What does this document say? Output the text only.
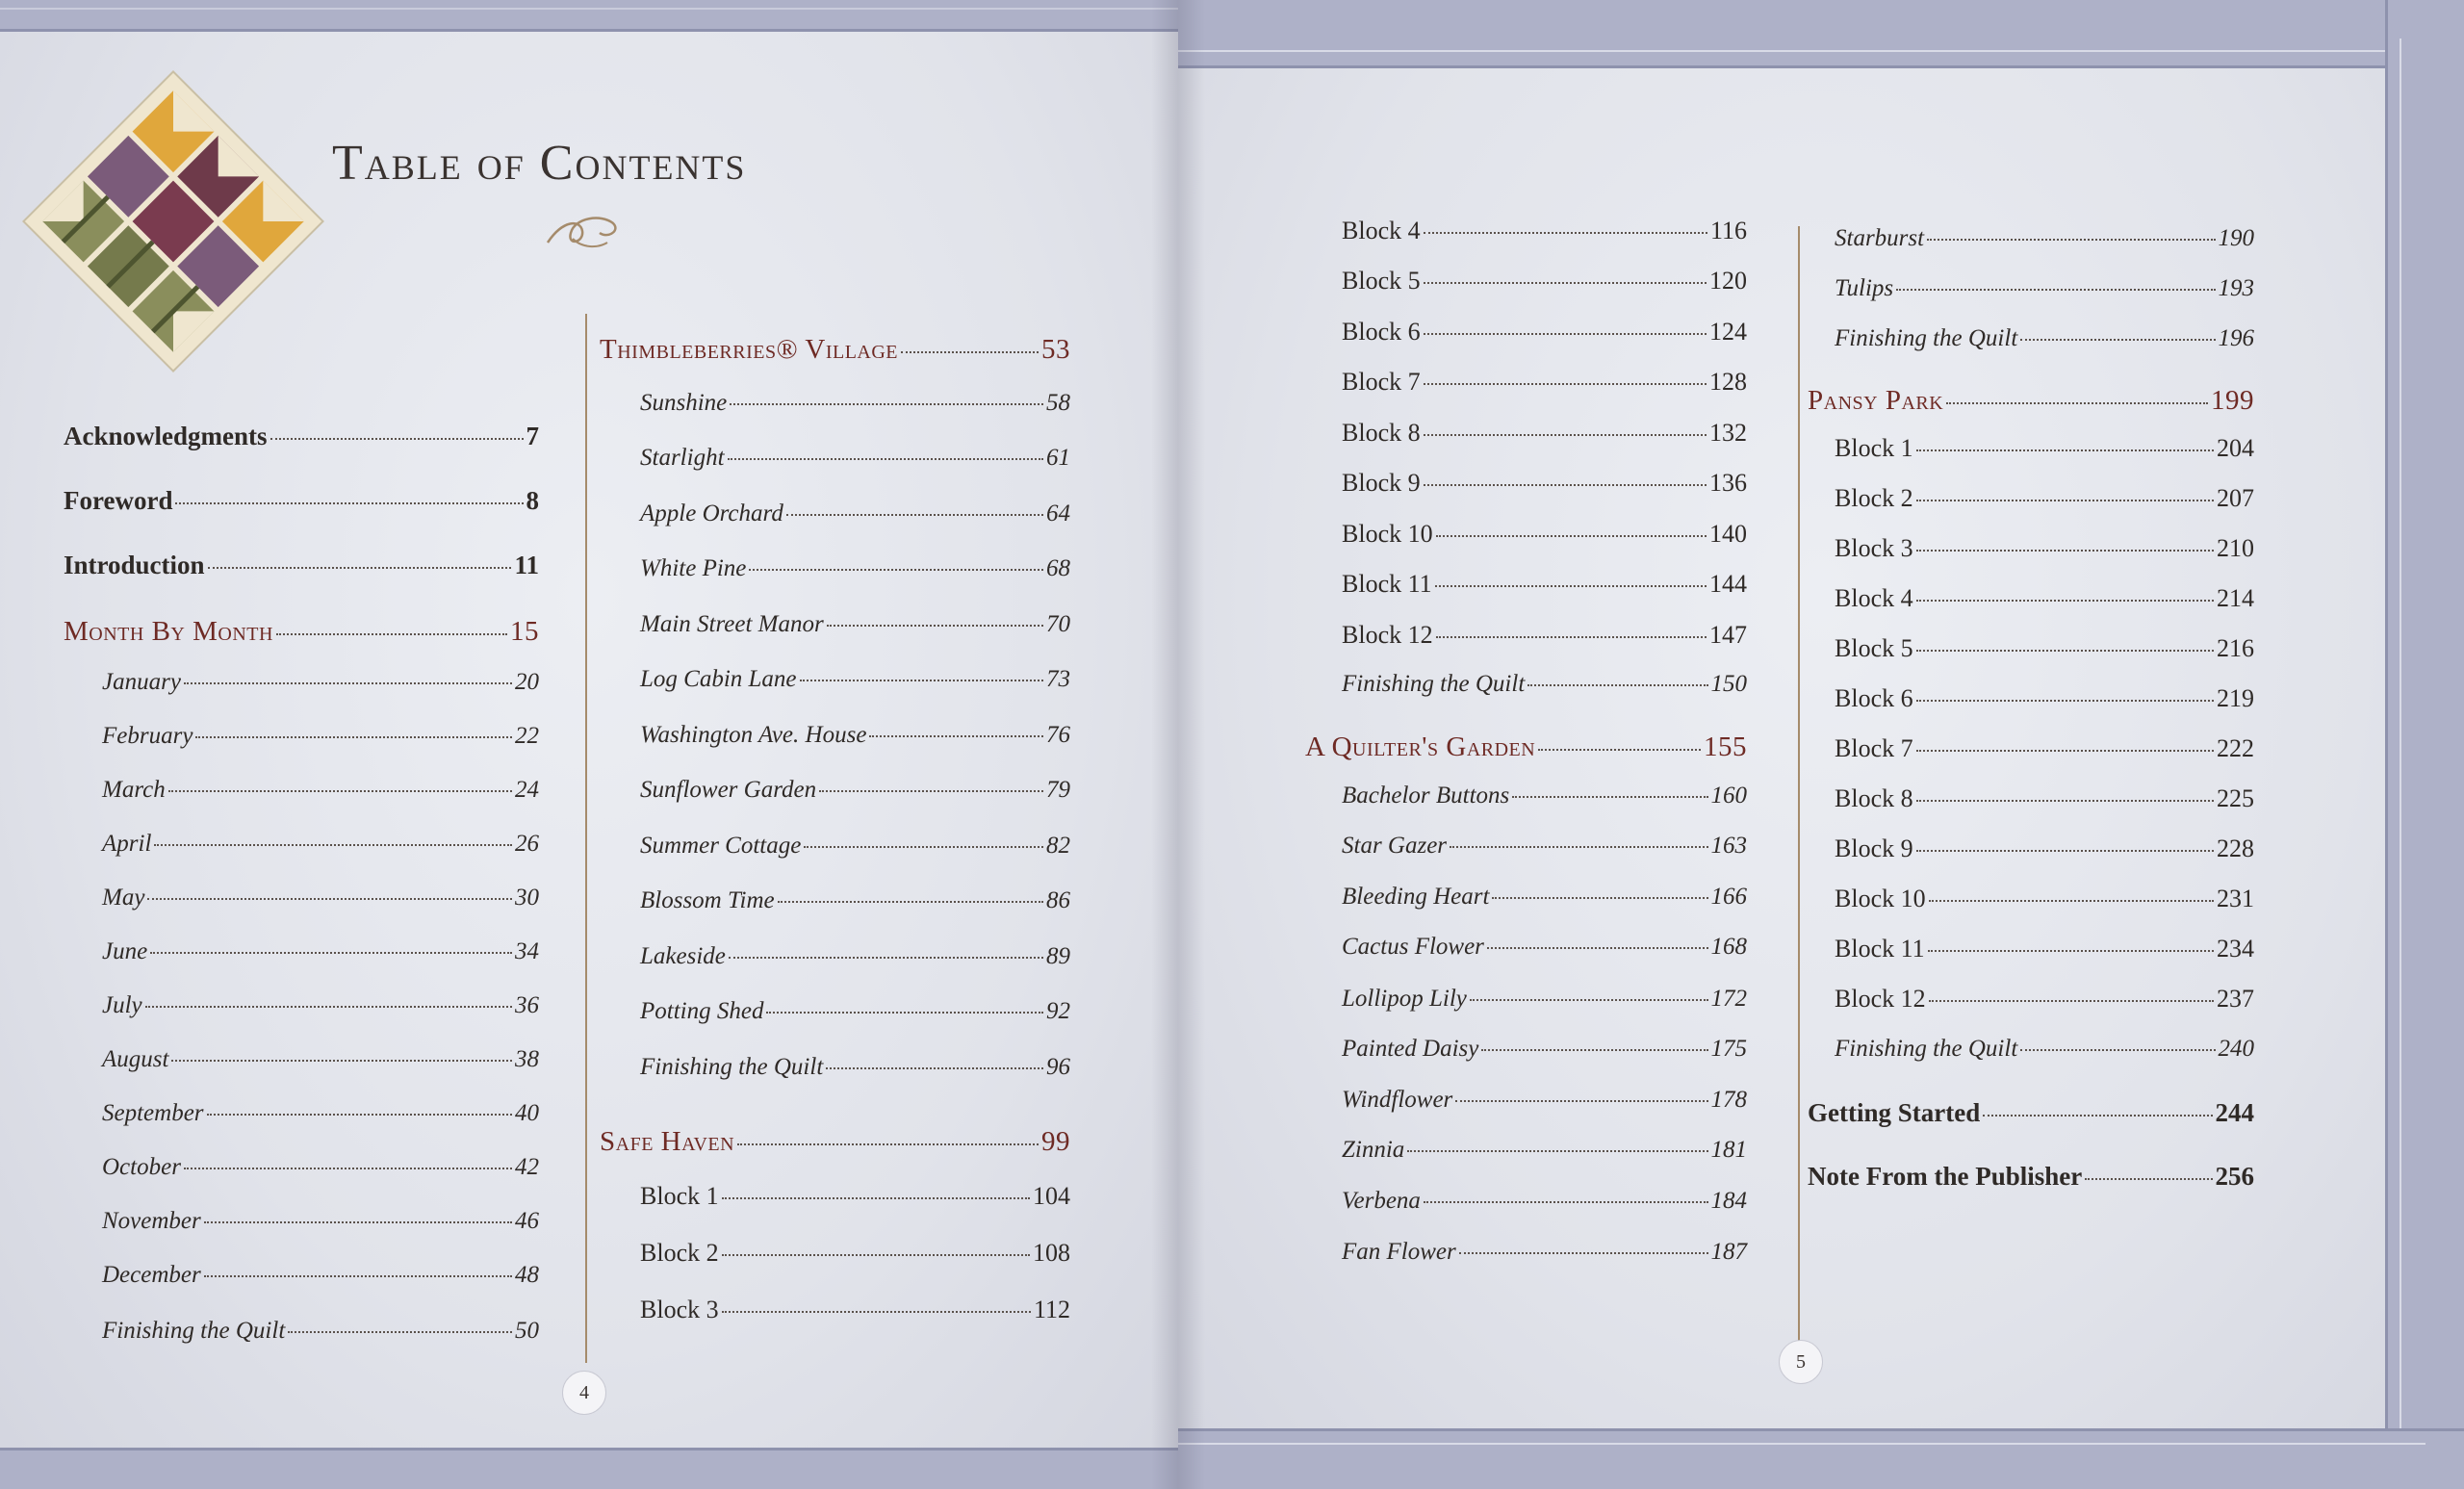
Table of Contents
Acknowledgments	7
Foreword	8
Introduction	11
Month By Month	15
January	20
February	22
March	24
April	26
May	30
June	34
July	36
August	38
September	40
October	42
November	46
December	48
Finishing the Quilt	50
Thimbleberries® Village	53
Sunshine	58
Starlight	61
Apple Orchard	64
White Pine	68
Main Street Manor	70
Log Cabin Lane	73
Washington Ave. House	76
Sunflower Garden	79
Summer Cottage	82
Blossom Time	86
Lakeside	89
Potting Shed	92
Finishing the Quilt	96
Safe Haven	99
Block 1	104
Block 2	108
Block 3	112
Block 4	116
Block 5	120
Block 6	124
Block 7	128
Block 8	132
Block 9	136
Block 10	140
Block 11	144
Block 12	147
Finishing the Quilt	150
A Quilter's Garden	155
Bachelor Buttons	160
Star Gazer	163
Bleeding Heart	166
Cactus Flower	168
Lollipop Lily	172
Painted Daisy	175
Windflower	178
Zinnia	181
Verbena	184
Fan Flower	187
Starburst	190
Tulips	193
Finishing the Quilt	196
Pansy Park	199
Block 1	204
Block 2	207
Block 3	210
Block 4	214
Block 5	216
Block 6	219
Block 7	222
Block 8	225
Block 9	228
Block 10	231
Block 11	234
Block 12	237
Finishing the Quilt	240
Getting Started	244
Note From the Publisher	256
4
5
